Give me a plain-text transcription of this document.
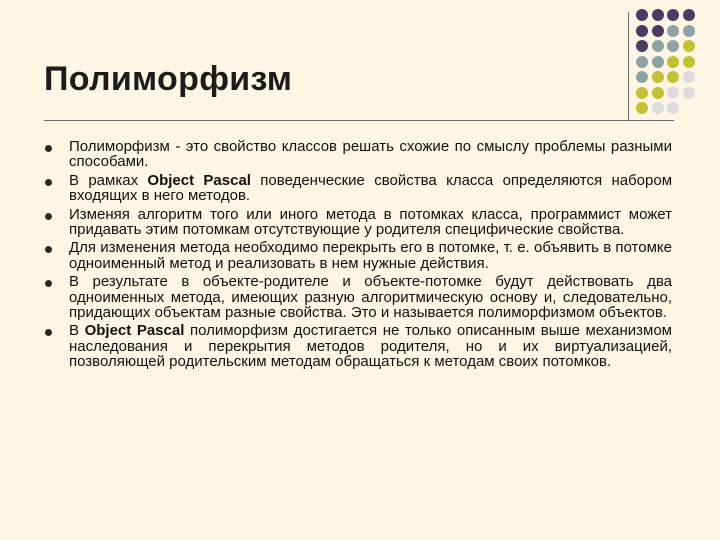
Полиморфизм
Полиморфизм - это свойство классов решать схожие по смыслу проблемы разными способами.
В рамках Object Pascal поведенческие свойства класса определяются набором входящих в него методов.
Изменяя алгоритм того или иного метода в потомках класса, программист может придавать этим потомкам отсутствующие у родителя специфические свойства.
Для изменения метода необходимо перекрыть его в потомке, т. е. объявить в потомке одноименный метод и реализовать в нем нужные действия.
В результате в объекте-родителе и объекте-потомке будут действовать два одноименных метода, имеющих разную алгоритмическую основу и, следовательно, придающих объектам разные свойства. Это и называется полиморфизмом объектов.
В Object Pascal полиморфизм достигается не только описанным выше механизмом наследования и перекрытия методов родителя, но и их виртуализацией, позволяющей родительским методам обращаться к методам своих потомков.
